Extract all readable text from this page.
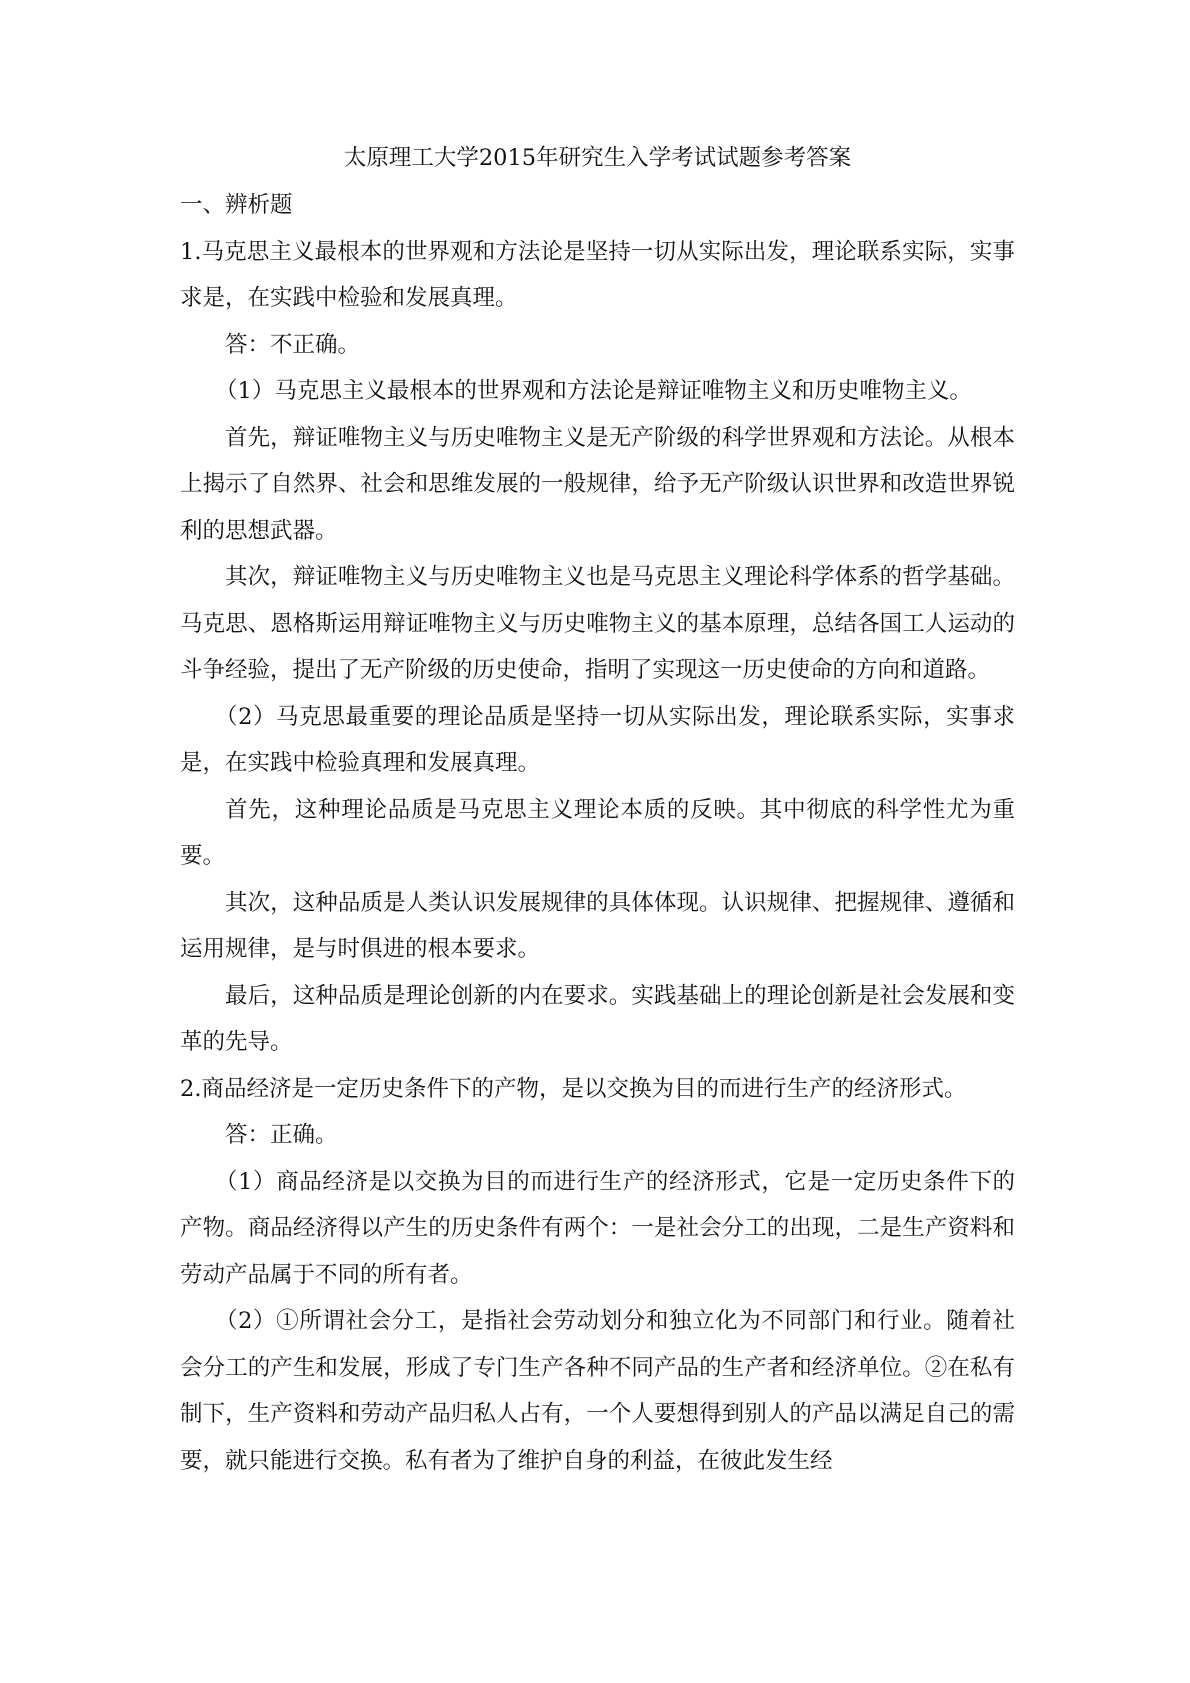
太原理工大学2015年研究生入学考试试题参考答案
一、辨析题

1.马克思主义最根本的世界观和方法论是坚持一切从实际出发，理论联系实际，实事求是，在实践中检验和发展真理。

答：不正确。

（1）马克思主义最根本的世界观和方法论是辩证唯物主义和历史唯物主义。

首先，辩证唯物主义与历史唯物主义是无产阶级的科学世界观和方法论。从根本上揭示了自然界、社会和思维发展的一般规律，给予无产阶级认识世界和改造世界锐利的思想武器。

其次，辩证唯物主义与历史唯物主义也是马克思主义理论科学体系的哲学基础。马克思、恩格斯运用辩证唯物主义与历史唯物主义的基本原理，总结各国工人运动的斗争经验，提出了无产阶级的历史使命，指明了实现这一历史使命的方向和道路。

（2）马克思最重要的理论品质是坚持一切从实际出发，理论联系实际，实事求是，在实践中检验真理和发展真理。

首先，这种理论品质是马克思主义理论本质的反映。其中彻底的科学性尤为重要。

其次，这种品质是人类认识发展规律的具体体现。认识规律、把握规律、遵循和运用规律，是与时俱进的根本要求。

最后，这种品质是理论创新的内在要求。实践基础上的理论创新是社会发展和变革的先导。

2.商品经济是一定历史条件下的产物，是以交换为目的而进行生产的经济形式。

答：正确。

（1）商品经济是以交换为目的而进行生产的经济形式，它是一定历史条件下的产物。商品经济得以产生的历史条件有两个：一是社会分工的出现，二是生产资料和劳动产品属于不同的所有者。

（2）①所谓社会分工，是指社会劳动划分和独立化为不同部门和行业。随着社会分工的产生和发展，形成了专门生产各种不同产品的生产者和经济单位。②在私有制下，生产资料和劳动产品归私人占有，一个人要想得到别人的产品以满足自己的需要，就只能进行交换。私有者为了维护自身的利益，在彼此发生经
